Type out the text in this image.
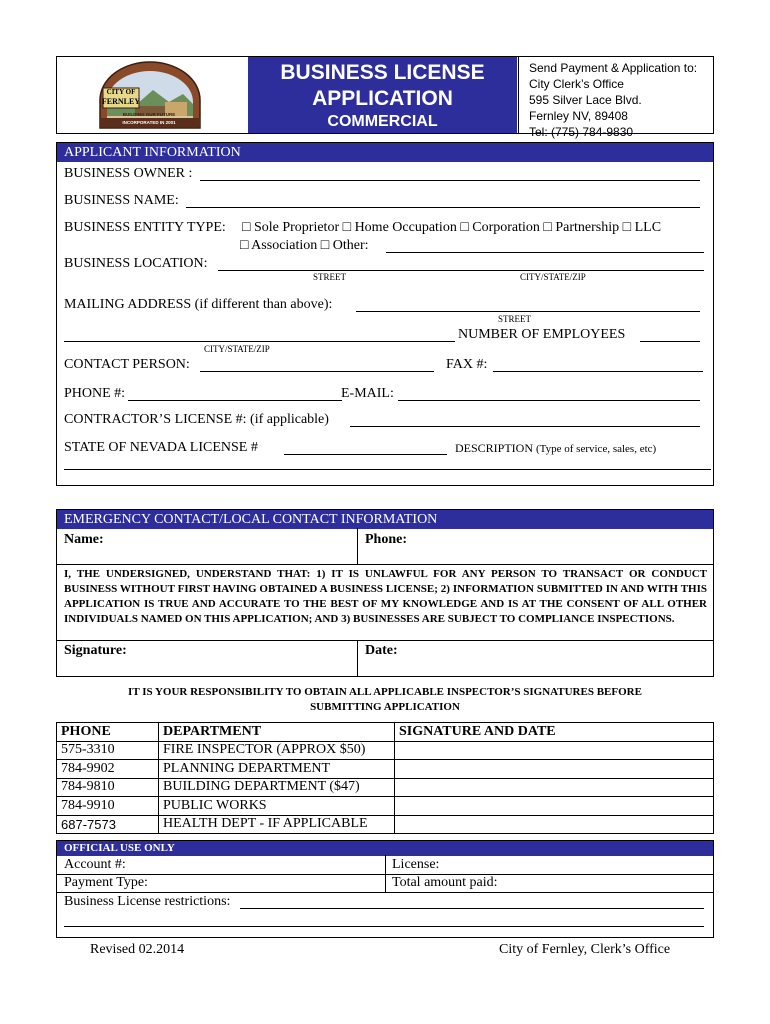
CITY OF
FERNLEY
BUILDING OUR FUTURE
INCORPORATED IN 2001
BUSINESS LICENSE
APPLICATION
COMMERCIAL
Send Payment & Application to:
City Clerk’s Office
595 Silver Lace Blvd.
Fernley NV, 89408
Tel: (775) 784-9830
APPLICANT INFORMATION
BUSINESS OWNER :
BUSINESS NAME:
BUSINESS ENTITY TYPE: □ Sole Proprietor □ Home Occupation □ Corporation □ Partnership □ LLC
□ Association □ Other:
BUSINESS LOCATION:
STREET	CITY/STATE/ZIP
MAILING ADDRESS (if different than above):
STREET
NUMBER OF EMPLOYEES
CITY/STATE/ZIP
CONTACT PERSON:	FAX #:
PHONE #:	E-MAIL:
CONTRACTOR’S LICENSE #: (if applicable)
STATE OF NEVADA LICENSE #	DESCRIPTION (Type of service, sales, etc)
EMERGENCY CONTACT/LOCAL CONTACT INFORMATION
Name:	Phone:
I, THE UNDERSIGNED, UNDERSTAND THAT: 1) IT IS UNLAWFUL FOR ANY PERSON TO TRANSACT OR CONDUCT BUSINESS WITHOUT FIRST HAVING OBTAINED A BUSINESS LICENSE; 2) INFORMATION SUBMITTED IN AND WITH THIS APPLICATION IS TRUE AND ACCURATE TO THE BEST OF MY KNOWLEDGE AND IS AT THE CONSENT OF ALL OTHER INDIVIDUALS NAMED ON THIS APPLICATION; AND 3) BUSINESSES ARE SUBJECT TO COMPLIANCE INSPECTIONS.
Signature:	Date:
IT IS YOUR RESPONSIBILITY TO OBTAIN ALL APPLICABLE INSPECTOR’S SIGNATURES BEFORE
SUBMITTING APPLICATION
PHONE	DEPARTMENT	SIGNATURE AND DATE
575-3310	FIRE INSPECTOR (APPROX $50)	
784-9902	PLANNING DEPARTMENT	
784-9810	BUILDING DEPARTMENT ($47)	
784-9910	PUBLIC WORKS	
687-7573	HEALTH DEPT - IF APPLICABLE	
OFFICIAL USE ONLY
Account #:	License:
Payment Type:	Total amount paid:
Business License restrictions:
Revised 02.2014	City of Fernley, Clerk’s Office
